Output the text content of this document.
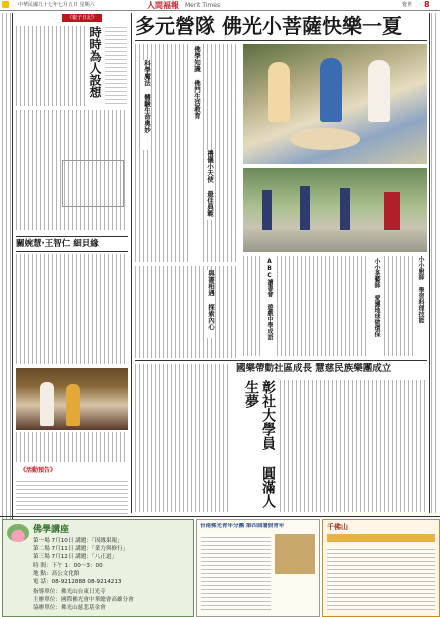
中華民國九十七年七月五日 星期六	人間福報 Merit Times	覺世 8
《親子日記》
時時為人設想
關婉慧·王智仁 細貝緣
《活動預告》
多元營隊 佛光小菩薩快樂一夏
科學魔法 體驗生命奧妙	佛學知識 佛門生活教育
禮儀小天使 最佳典範
與書相遇 探索內心	ABC讀書會 遊戲中學成語	小小茶藝師 愛護地球做環保	小小廚師 學習料理技能
國樂帶動社區成長 慧慈民族樂團成立
彰社大學員 圓滿人生夢
佛學講座
第一場 7月10日 講題：「因緣果報」
第二場 7月11日 講題：「業力與修行」
第三場 7月12日 講題：「八正道」
時 間：下午 1：00～3：00
地 點：高公文化館
電 話：08-9212888 08-9214213
指導單位：佛光山台東日光寺
主辦單位：國際佛光會中華總會高雄分會
協辦單位：佛光山慈悲基金會
台南佛光青年分團 第四屆暑假青年	千佛山
